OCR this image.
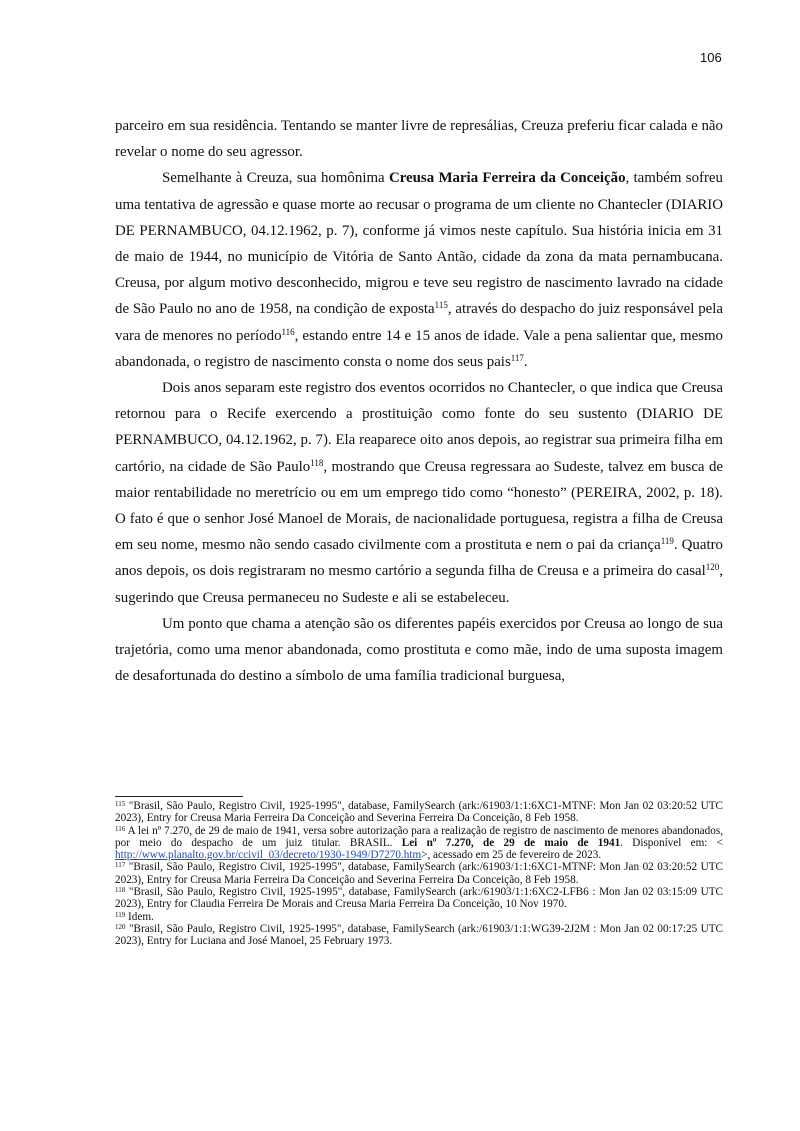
106

parceiro em sua residência. Tentando se manter livre de represálias, Creuza preferiu ficar calada e não revelar o nome do seu agressor.

Semelhante à Creuza, sua homônima Creusa Maria Ferreira da Conceição, também sofreu uma tentativa de agressão e quase morte ao recusar o programa de um cliente no Chantecler (DIARIO DE PERNAMBUCO, 04.12.1962, p. 7), conforme já vimos neste capítulo. Sua história inicia em 31 de maio de 1944, no município de Vitória de Santo Antão, cidade da zona da mata pernambucana. Creusa, por algum motivo desconhecido, migrou e teve seu registro de nascimento lavrado na cidade de São Paulo no ano de 1958, na condição de exposta$^{115}$, através do despacho do juiz responsável pela vara de menores no período$^{116}$, estando entre 14 e 15 anos de idade. Vale a pena salientar que, mesmo abandonada, o registro de nascimento consta o nome dos seus pais$^{117}$.

Dois anos separam este registro dos eventos ocorridos no Chantecler, o que indica que Creusa retornou para o Recife exercendo a prostituição como fonte do seu sustento (DIARIO DE PERNAMBUCO, 04.12.1962, p. 7). Ela reaparece oito anos depois, ao registrar sua primeira filha em cartório, na cidade de São Paulo$^{118}$, mostrando que Creusa regressara ao Sudeste, talvez em busca de maior rentabilidade no meretrício ou em um emprego tido como “honesto” (PEREIRA, 2002, p. 18). O fato é que o senhor José Manoel de Morais, de nacionalidade portuguesa, registra a filha de Creusa em seu nome, mesmo não sendo casado civilmente com a prostituta e nem o pai da criança$^{119}$. Quatro anos depois, os dois registraram no mesmo cartório a segunda filha de Creusa e a primeira do casal$^{120}$, sugerindo que Creusa permaneceu no Sudeste e ali se estabeleceu.

Um ponto que chama a atenção são os diferentes papéis exercidos por Creusa ao longo de sua trajetória, como uma menor abandonada, como prostituta e como mãe, indo de uma suposta imagem de desafortunada do destino a símbolo de uma família tradicional burguesa,

$^{115}$ "Brasil, São Paulo, Registro Civil, 1925-1995", database, FamilySearch (ark:/61903/1:1:6XC1-MTNF: Mon Jan 02 03:20:52 UTC 2023), Entry for Creusa Maria Ferreira Da Conceição and Severina Ferreira Da Conceição, 8 Feb 1958.

$^{116}$ A lei nº 7.270, de 29 de maio de 1941, versa sobre autorização para a realização de registro de nascimento de menores abandonados, por meio do despacho de um juiz titular. BRASIL. Lei nº 7.270, de 29 de maio de 1941. Disponível em: < http://www.planalto.gov.br/ccivil_03/decreto/1930-1949/D7270.htm>, acessado em 25 de fevereiro de 2023.

$^{117}$ "Brasil, São Paulo, Registro Civil, 1925-1995", database, FamilySearch (ark:/61903/1:1:6XC1-MTNF: Mon Jan 02 03:20:52 UTC 2023), Entry for Creusa Maria Ferreira Da Conceição and Severina Ferreira Da Conceição, 8 Feb 1958.

$^{118}$ "Brasil, São Paulo, Registro Civil, 1925-1995", database, FamilySearch (ark:/61903/1:1:6XC2-LFB6 : Mon Jan 02 03:15:09 UTC 2023), Entry for Claudia Ferreira De Morais and Creusa Maria Ferreira Da Conceição, 10 Nov 1970.

$^{119}$ Idem.

$^{120}$ "Brasil, São Paulo, Registro Civil, 1925-1995", database, FamilySearch (ark:/61903/1:1:WG39-2J2M : Mon Jan 02 00:17:25 UTC 2023), Entry for Luciana and José Manoel, 25 February 1973.
